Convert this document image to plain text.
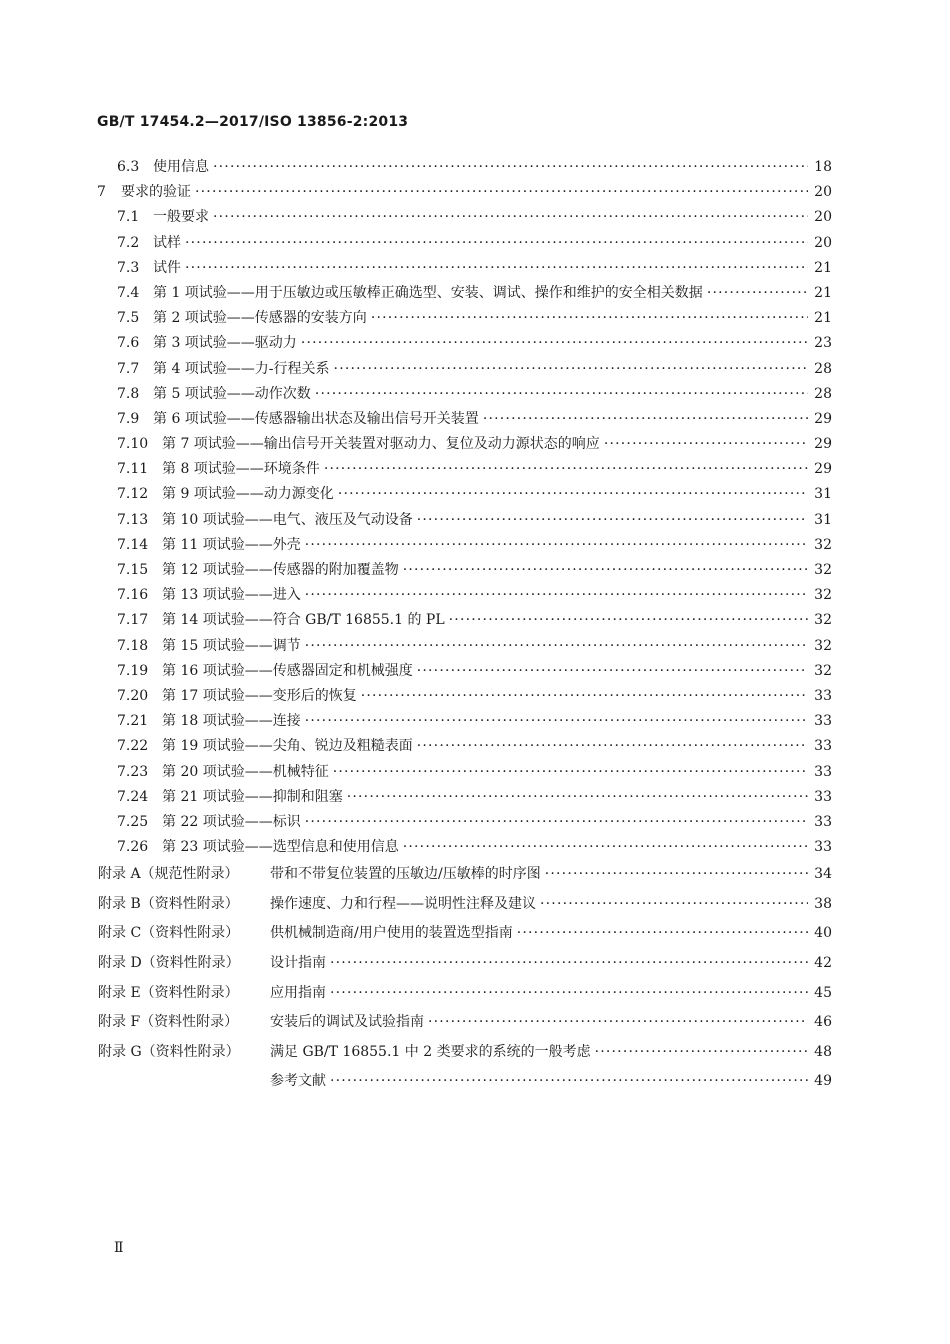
GB/T 17454.2—2017/ISO 13856-2:2013
6.3 使用信息 ·····	18
7	要求的验证 ·····	20
7.1 一般要求 ·····	20
7.2 试样 ·····	20
7.3 试件 ·····	21
7.4 第 1 项试验——用于压敏边或压敏棒正确选型、安装、调试、操作和维护的安全相关数据 ·····	21
7.5 第 2 项试验——传感器的安装方向 ·····	21
7.6 第 3 项试验——驱动力 ·····	23
7.7 第 4 项试验——力-行程关系 ·····	28
7.8 第 5 项试验——动作次数 ·····	28
7.9 第 6 项试验——传感器输出状态及输出信号开关装置 ·····	29
7.10 第 7 项试验——输出信号开关装置对驱动力、复位及动力源状态的响应 ·····	29
7.11 第 8 项试验——环境条件 ·····	29
7.12 第 9 项试验——动力源变化 ·····	31
7.13 第 10 项试验——电气、液压及气动设备 ·····	31
7.14 第 11 项试验——外壳 ·····	32
7.15 第 12 项试验——传感器的附加覆盖物 ·····	32
7.16 第 13 项试验——进入 ·····	32
7.17 第 14 项试验——符合 GB/T 16855.1 的 PL ·····	32
7.18 第 15 项试验——调节 ·····	32
7.19 第 16 项试验——传感器固定和机械强度 ·····	32
7.20 第 17 项试验——变形后的恢复 ·····	33
7.21 第 18 项试验——连接 ·····	33
7.22 第 19 项试验——尖角、锐边及粗糙表面 ·····	33
7.23 第 20 项试验——机械特征 ·····	33
7.24 第 21 项试验——抑制和阻塞 ·····	33
7.25 第 22 项试验——标识 ·····	33
7.26 第 23 项试验——选型信息和使用信息 ·····	33
附录 A（规范性附录）	带和不带复位装置的压敏边/压敏棒的时序图 ·····	34
附录 B（资料性附录）	操作速度、力和行程——说明性注释及建议 ·····	38
附录 C（资料性附录）	供机械制造商/用户使用的装置选型指南 ·····	40
附录 D（资料性附录）	设计指南 ·····	42
附录 E（资料性附录）	应用指南 ·····	45
附录 F（资料性附录）	安装后的调试及试验指南 ·····	46
附录 G（资料性附录）	满足 GB/T 16855.1 中 2 类要求的系统的一般考虑 ·····	48
参考文献 ·····	49
Ⅱ
